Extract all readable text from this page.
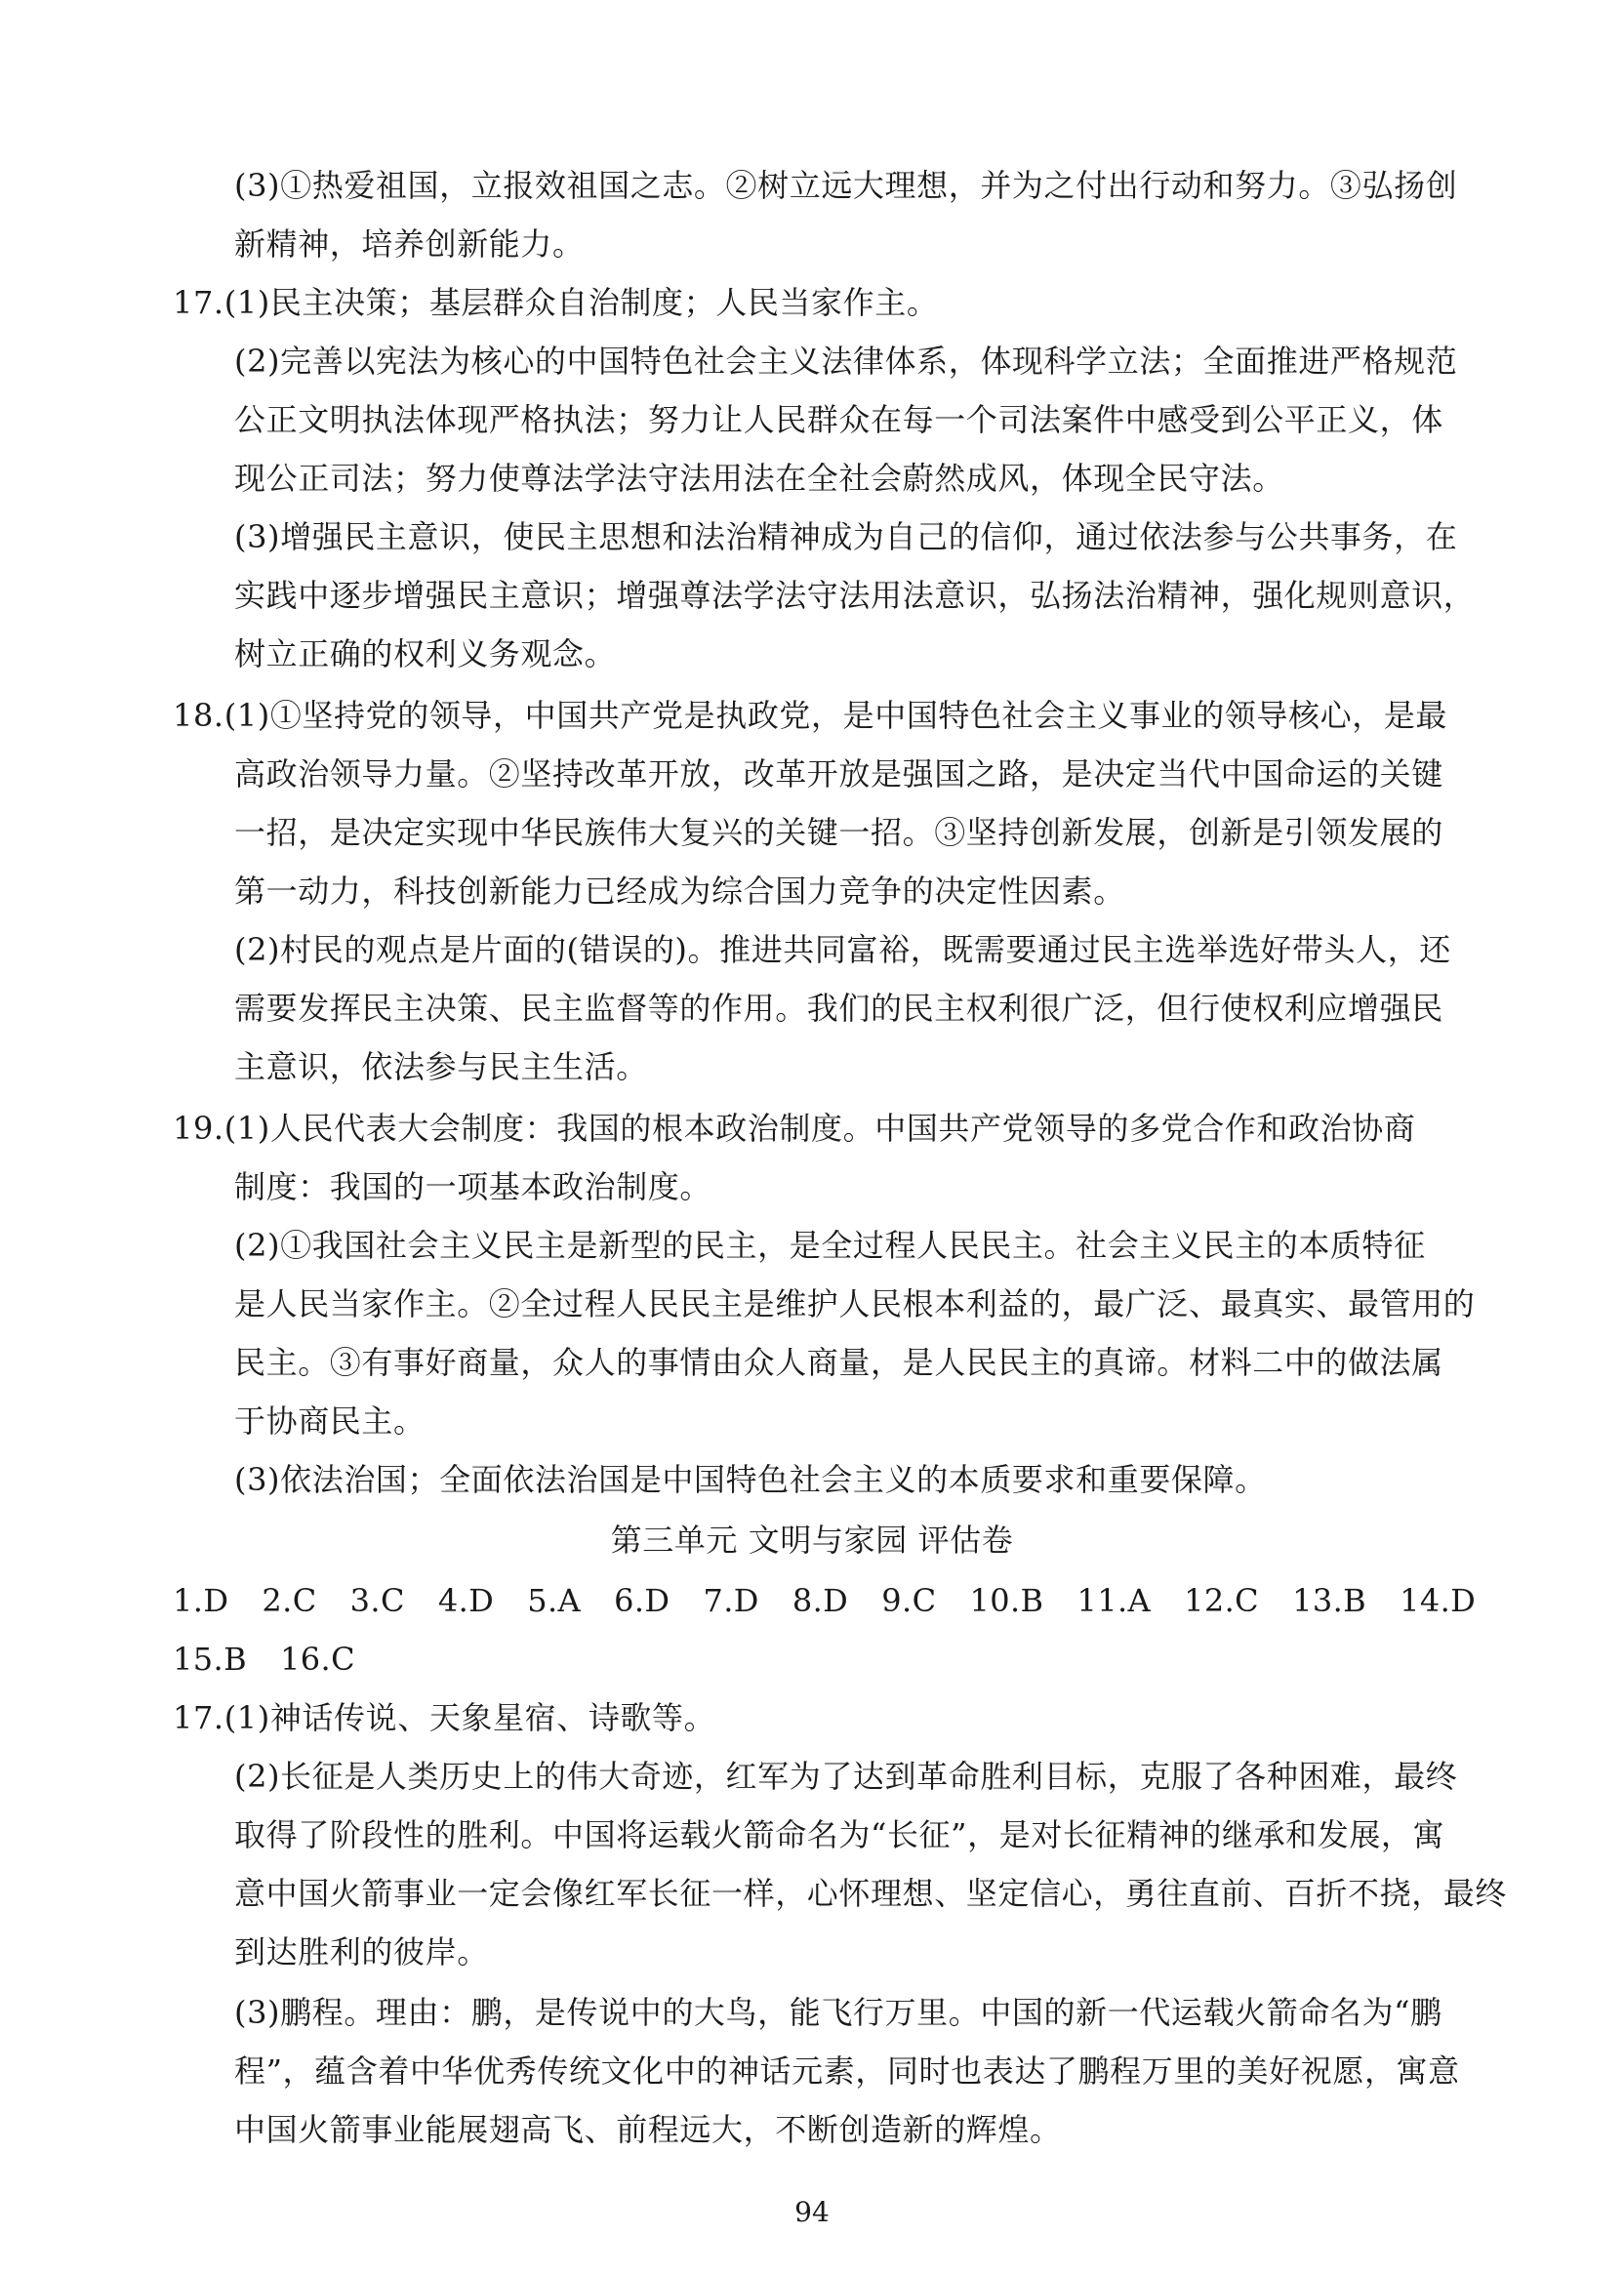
(3)①热爱祖国，立报效祖国之志。②树立远大理想，并为之付出行动和努力。③弘扬创
新精神，培养创新能力。
17.(1)民主决策；基层群众自治制度；人民当家作主。
(2)完善以宪法为核心的中国特色社会主义法律体系，体现科学立法；全面推进严格规范
公正文明执法体现严格执法；努力让人民群众在每一个司法案件中感受到公平正义，体
现公正司法；努力使尊法学法守法用法在全社会蔚然成风，体现全民守法。
(3)增强民主意识，使民主思想和法治精神成为自己的信仰，通过依法参与公共事务，在
实践中逐步增强民主意识；增强尊法学法守法用法意识，弘扬法治精神，强化规则意识，
树立正确的权利义务观念。
18.(1)①坚持党的领导，中国共产党是执政党，是中国特色社会主义事业的领导核心，是最
高政治领导力量。②坚持改革开放，改革开放是强国之路，是决定当代中国命运的关键
一招，是决定实现中华民族伟大复兴的关键一招。③坚持创新发展，创新是引领发展的
第一动力，科技创新能力已经成为综合国力竞争的决定性因素。
(2)村民的观点是片面的(错误的)。推进共同富裕，既需要通过民主选举选好带头人，还
需要发挥民主决策、民主监督等的作用。我们的民主权利很广泛，但行使权利应增强民
主意识，依法参与民主生活。
19.(1)人民代表大会制度：我国的根本政治制度。中国共产党领导的多党合作和政治协商
制度：我国的一项基本政治制度。
(2)①我国社会主义民主是新型的民主，是全过程人民民主。社会主义民主的本质特征
是人民当家作主。②全过程人民民主是维护人民根本利益的，最广泛、最真实、最管用的
民主。③有事好商量，众人的事情由众人商量，是人民民主的真谛。材料二中的做法属
于协商民主。
(3)依法治国；全面依法治国是中国特色社会主义的本质要求和重要保障。
第三单元 文明与家园 评估卷
1.D 2.C 3.C 4.D 5.A 6.D 7.D 8.D 9.C 10.B 11.A 12.C 13.B 14.D
15.B 16.C
17.(1)神话传说、天象星宿、诗歌等。
(2)长征是人类历史上的伟大奇迹，红军为了达到革命胜利目标，克服了各种困难，最终
取得了阶段性的胜利。中国将运载火箭命名为“长征”，是对长征精神的继承和发展，寓
意中国火箭事业一定会像红军长征一样，心怀理想、坚定信心，勇往直前、百折不挠，最终
到达胜利的彼岸。
(3)鹏程。理由：鹏，是传说中的大鸟，能飞行万里。中国的新一代运载火箭命名为“鹏
程”，蕴含着中华优秀传统文化中的神话元素，同时也表达了鹏程万里的美好祝愿，寓意
中国火箭事业能展翅高飞、前程远大，不断创造新的辉煌。
94
